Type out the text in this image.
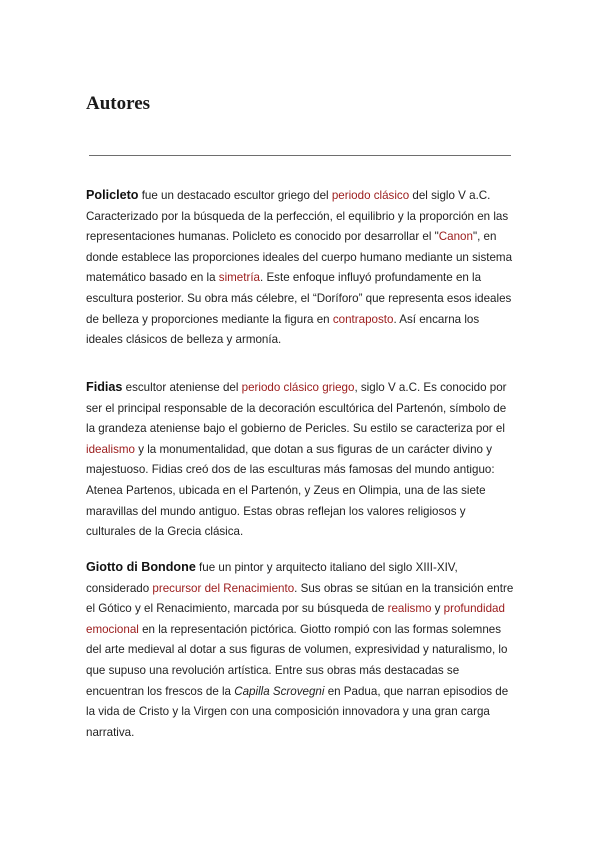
Autores

Policleto fue un destacado escultor griego del periodo clásico del siglo V a.C. Caracterizado por la búsqueda de la perfección, el equilibrio y la proporción en las representaciones humanas. Policleto es conocido por desarrollar el "Canon", en donde establece las proporciones ideales del cuerpo humano mediante un sistema matemático basado en la simetría. Este enfoque influyó profundamente en la escultura posterior. Su obra más célebre, el “Doríforo” que representa esos ideales de belleza y proporciones mediante la figura en contraposto. Así encarna los ideales clásicos de belleza y armonía.

Fidias escultor ateniense del periodo clásico griego, siglo V a.C. Es conocido por ser el principal responsable de la decoración escultórica del Partenón, símbolo de la grandeza ateniense bajo el gobierno de Pericles. Su estilo se caracteriza por el idealismo y la monumentalidad, que dotan a sus figuras de un carácter divino y majestuoso. Fidias creó dos de las esculturas más famosas del mundo antiguo: Atenea Partenos, ubicada en el Partenón, y Zeus en Olimpia, una de las siete maravillas del mundo antiguo. Estas obras reflejan los valores religiosos y culturales de la Grecia clásica.

Giotto di Bondone fue un pintor y arquitecto italiano del siglo XIII-XIV, considerado precursor del Renacimiento. Sus obras se sitúan en la transición entre el Gótico y el Renacimiento, marcada por su búsqueda de realismo y profundidad emocional en la representación pictórica. Giotto rompió con las formas solemnes del arte medieval al dotar a sus figuras de volumen, expresividad y naturalismo, lo que supuso una revolución artística. Entre sus obras más destacadas se encuentran los frescos de la Capilla Scrovegni en Padua, que narran episodios de la vida de Cristo y la Virgen con una composición innovadora y una gran carga narrativa.
